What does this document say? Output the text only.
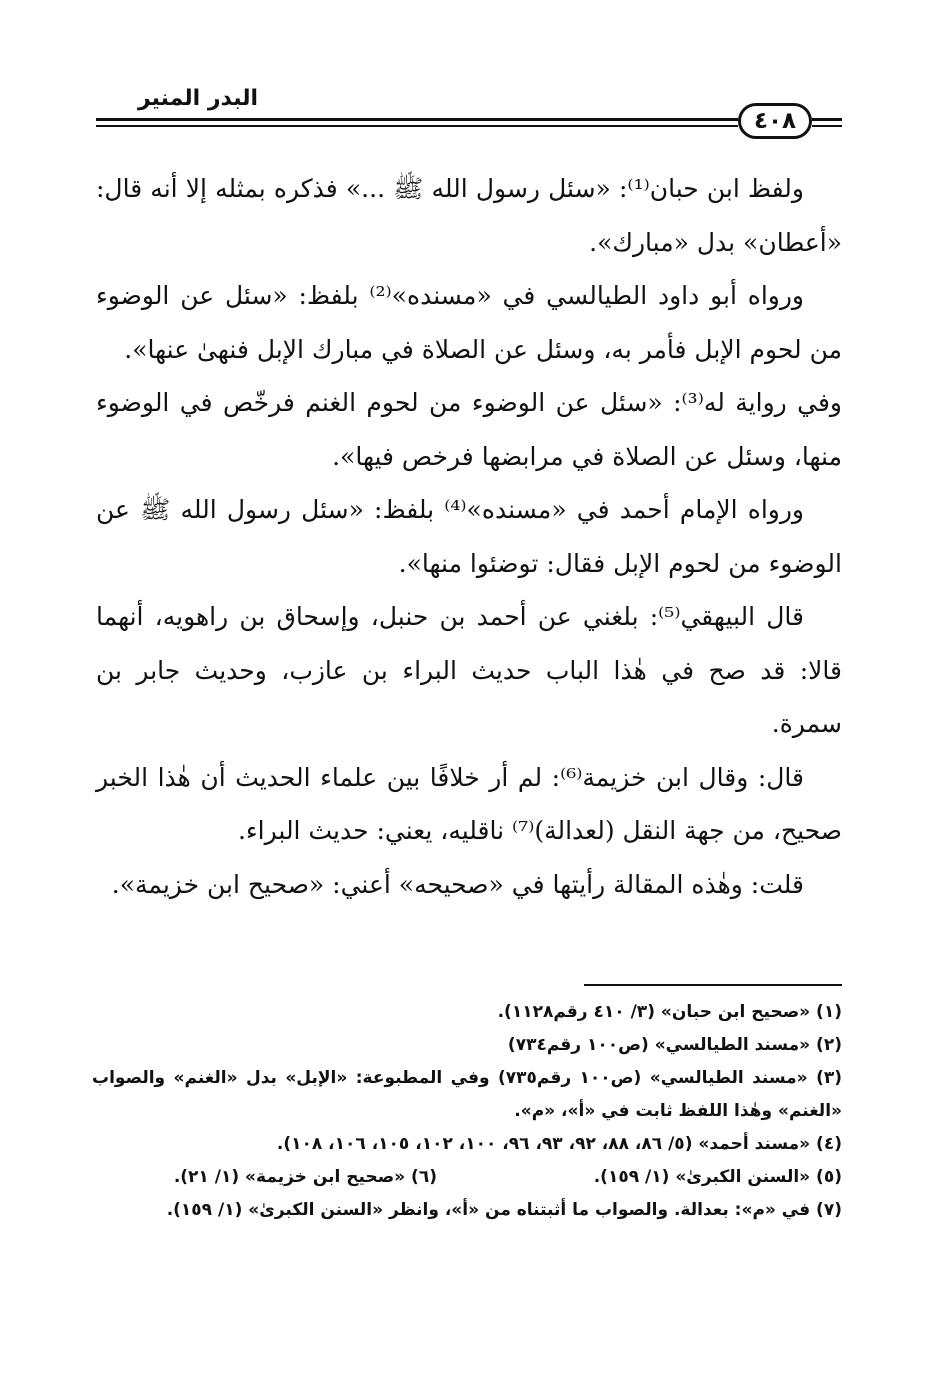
البدر المنير
٤٠٨

ولفظ ابن حبان⁽¹⁾: «سئل رسول الله ﷺ ...» فذكره بمثله إلا أنه قال: «أعطان» بدل «مبارك».

ورواه أبو داود الطيالسي في «مسنده»⁽²⁾ بلفظ: «سئل عن الوضوء من لحوم الإبل فأمر به، وسئل عن الصلاة في مبارك الإبل فنهىٰ عنها».

وفي رواية له⁽³⁾: «سئل عن الوضوء من لحوم الغنم فرخّص في الوضوء منها، وسئل عن الصلاة في مرابضها فرخص فيها».

ورواه الإمام أحمد في «مسنده»⁽⁴⁾ بلفظ: «سئل رسول الله ﷺ عن الوضوء من لحوم الإبل فقال: توضئوا منها».

قال البيهقي⁽⁵⁾: بلغني عن أحمد بن حنبل، وإسحاق بن راهويه، أنهما قالا: قد صح في هٰذا الباب حديث البراء بن عازب، وحديث جابر بن سمرة.

قال: وقال ابن خزيمة⁽⁶⁾: لم أر خلافًا بين علماء الحديث أن هٰذا الخبر صحيح، من جهة النقل (لعدالة)⁽⁷⁾ ناقليه، يعني: حديث البراء.

قلت: وهٰذه المقالة رأيتها في «صحيحه» أعني: «صحيح ابن خزيمة».

(١) «صحيح ابن حبان» (٣/ ٤١٠ رقم١١٢٨).

(٢) «مسند الطيالسي» (ص١٠٠ رقم٧٣٤)

(٣) «مسند الطيالسي» (ص١٠٠ رقم٧٣٥) وفي المطبوعة: «الإبل» بدل «الغنم» والصواب «الغنم» وهٰذا اللفظ ثابت في «أ»، «م».

(٤) «مسند أحمد» (٥/ ٨٦، ٨٨، ٩٢، ٩٣، ٩٦، ١٠٠، ١٠٢، ١٠٥، ١٠٦، ١٠٨).

(٥) «السنن الكبرىٰ» (١/ ١٥٩).
(٦) «صحيح ابن خزيمة» (١/ ٢١).

(٧) في «م»: بعدالة. والصواب ما أثبتناه من «أ»، وانظر «السنن الكبرىٰ» (١/ ١٥٩).
